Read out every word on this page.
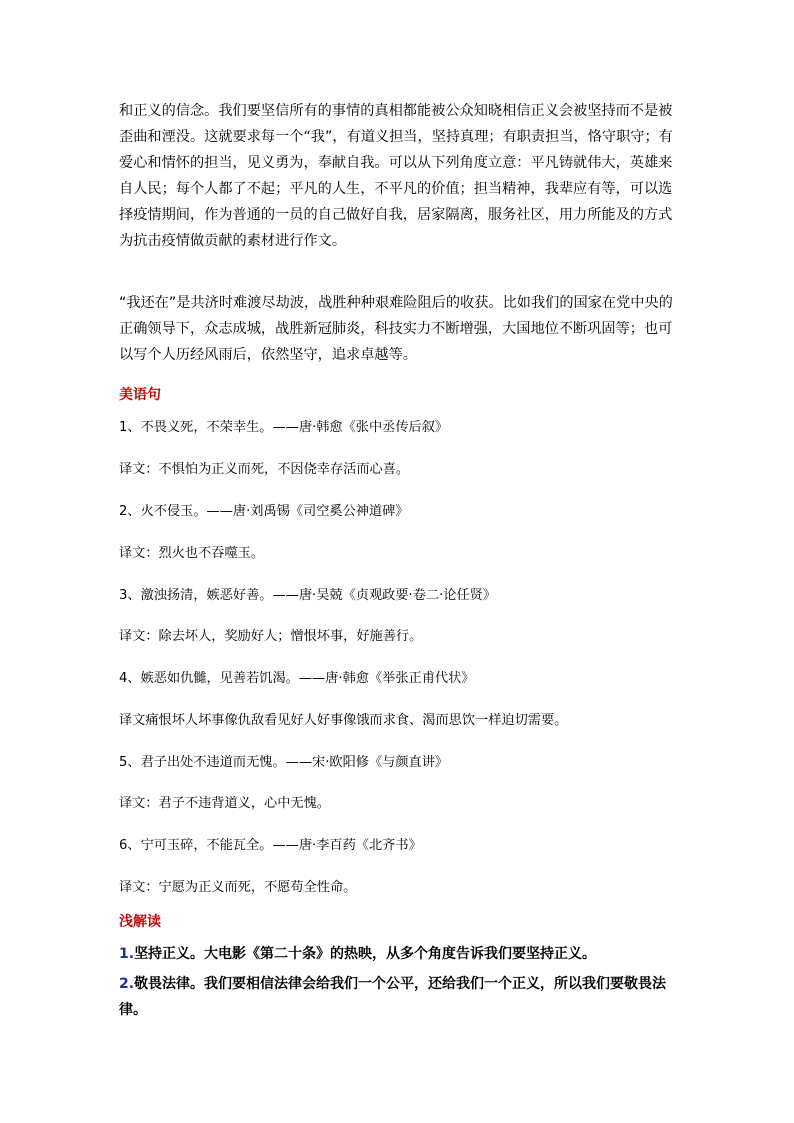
和正义的信念。我们要坚信所有的事情的真相都能被公众知晓相信正义会被坚持而不是被歪曲和湮没。这就要求每一个“我”，有道义担当，坚持真理；有职责担当，恪守职守；有爱心和情怀的担当，见义勇为，奉献自我。可以从下列角度立意：平凡铸就伟大，英雄来自人民；每个人都了不起；平凡的人生，不平凡的价值；担当精神，我辈应有等，可以选择疫情期间，作为普通的一员的自己做好自我，居家隔离，服务社区，用力所能及的方式为抗击疫情做贡献的素材进行作文。

“我还在”是共济时难渡尽劫波，战胜种种艰难险阻后的收获。比如我们的国家在党中央的正确领导下，众志成城，战胜新冠肺炎，科技实力不断增强，大国地位不断巩固等；也可以写个人历经风雨后，依然坚守，追求卓越等。

美语句

1、不畏义死，不荣幸生。——唐·韩愈《张中丞传后叙》

译文：不惧怕为正义而死，不因侥幸存活而心喜。

2、火不侵玉。——唐·刘禹锡《司空奚公神道碑》

译文：烈火也不吞噬玉。

3、激浊扬清，嫉恶好善。——唐·吴兢《贞观政要·卷二·论任贤》

译文：除去坏人，奖励好人；憎恨坏事，好施善行。

4、嫉恶如仇雠，见善若饥渴。——唐·韩愈《举张正甫代状》

译文痛恨坏人坏事像仇敌看见好人好事像饿而求食、渴而思饮一样迫切需要。

5、君子出处不违道而无愧。——宋·欧阳修《与颜直讲》

译文：君子不违背道义，心中无愧。

6、宁可玉碎，不能瓦全。——唐·李百药《北齐书》

译文：宁愿为正义而死，不愿苟全性命。

浅解读

1.坚持正义。大电影《第二十条》的热映，从多个角度告诉我们要坚持正义。

2.敬畏法律。我们要相信法律会给我们一个公平，还给我们一个正义，所以我们要敬畏法律。
